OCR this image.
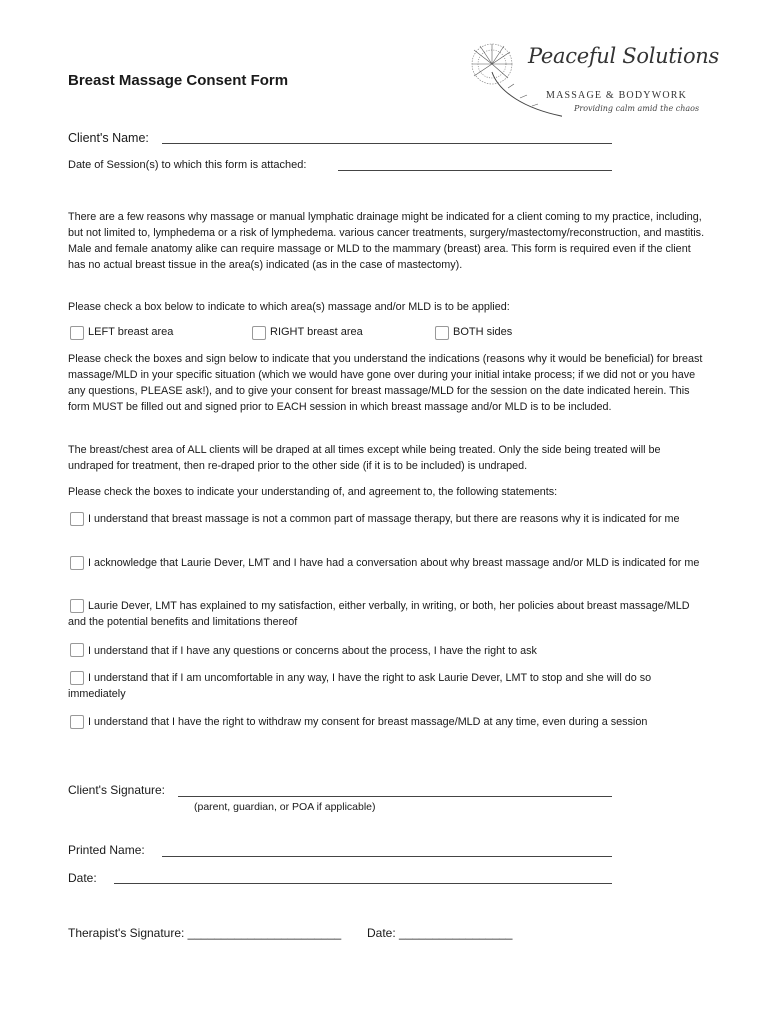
Breast Massage Consent Form
Peaceful Solutions
MASSAGE & BODYWORK
Providing calm amid the chaos
Client's Name:
Date of Session(s) to which this form is attached:
There are a few reasons why massage or manual lymphatic drainage might be indicated for a client coming to my practice, including, but not limited to, lymphedema or a risk of lymphedema. various cancer treatments, surgery/mastectomy/reconstruction, and mastitis. Male and female anatomy alike can require massage or MLD to the mammary (breast) area. This form is required even if the client has no actual breast tissue in the area(s) indicated (as in the case of mastectomy).
Please check a box below to indicate to which area(s) massage and/or MLD is to be applied:
LEFT breast area	RIGHT breast area	BOTH sides
Please check the boxes and sign below to indicate that you understand the indications (reasons why it would be beneficial) for breast massage/MLD in your specific situation (which we would have gone over during your initial intake process; if we did not or you have any questions, PLEASE ask!), and to give your consent for breast massage/MLD for the session on the date indicated herein. This form MUST be filled out and signed prior to EACH session in which breast massage and/or MLD is to be included.
The breast/chest area of ALL clients will be draped at all times except while being treated. Only the side being treated will be undraped for treatment, then re-draped prior to the other side (if it is to be included) is undraped.
Please check the boxes to indicate your understanding of, and agreement to, the following statements:
I understand that breast massage is not a common part of massage therapy, but there are reasons why it is indicated for me
I acknowledge that Laurie Dever, LMT and I have had a conversation about why breast massage and/or MLD is indicated for me
Laurie Dever, LMT has explained to my satisfaction, either verbally, in writing, or both, her policies about breast massage/MLD and the potential benefits and limitations thereof
I understand that if I have any questions or concerns about the process, I have the right to ask
I understand that if I am uncomfortable in any way, I have the right to ask Laurie Dever, LMT to stop and she will do so immediately
I understand that I have the right to withdraw my consent for breast massage/MLD at any time, even during a session
Client's Signature:
(parent, guardian, or POA if applicable)
Printed Name:
Date:
Therapist's Signature: _______________________ Date: _________________
